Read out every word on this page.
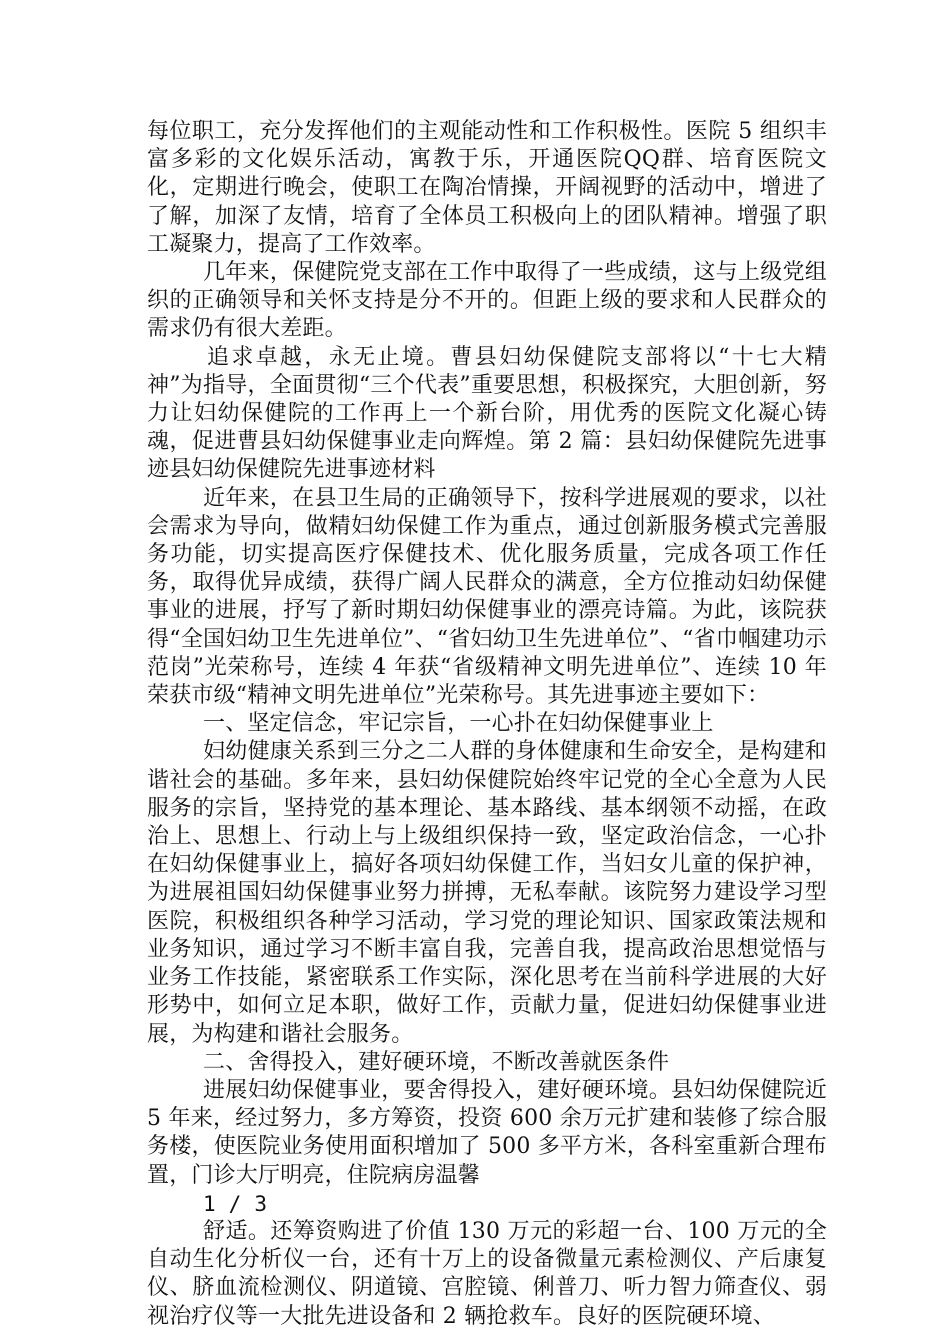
每位职工，充分发挥他们的主观能动性和工作积极性。医院 5 组织丰富多彩的文化娱乐活动，寓教于乐，开通医院QQ群、培育医院文化，定期进行晚会，使职工在陶冶情操，开阔视野的活动中，增进了了解，加深了友情，培育了全体员工积极向上的团队精神。增强了职工凝聚力，提高了工作效率。

几年来，保健院党支部在工作中取得了一些成绩，这与上级党组织的正确领导和关怀支持是分不开的。但距上级的要求和人民群众的需求仍有很大差距。

追求卓越，永无止境。曹县妇幼保健院支部将以“十七大精神”为指导，全面贯彻“三个代表”重要思想，积极探究，大胆创新，努力让妇幼保健院的工作再上一个新台阶，用优秀的医院文化凝心铸魂，促进曹县妇幼保健事业走向辉煌。第 2 篇：县妇幼保健院先进事迹县妇幼保健院先进事迹材料

近年来，在县卫生局的正确领导下，按科学进展观的要求，以社会需求为导向，做精妇幼保健工作为重点，通过创新服务模式完善服务功能，切实提高医疗保健技术、优化服务质量，完成各项工作任务，取得优异成绩，获得广阔人民群众的满意，全方位推动妇幼保健事业的进展，抒写了新时期妇幼保健事业的漂亮诗篇。为此，该院获得“全国妇幼卫生先进单位”、“省妇幼卫生先进单位”、“省巾帼建功示范岗”光荣称号，连续 4 年获“省级精神文明先进单位”、连续 10 年荣获市级“精神文明先进单位”光荣称号。其先进事迹主要如下：

一、坚定信念，牢记宗旨，一心扑在妇幼保健事业上

妇幼健康关系到三分之二人群的身体健康和生命安全，是构建和谐社会的基础。多年来，县妇幼保健院始终牢记党的全心全意为人民服务的宗旨，坚持党的基本理论、基本路线、基本纲领不动摇，在政治上、思想上、行动上与上级组织保持一致，坚定政治信念，一心扑在妇幼保健事业上，搞好各项妇幼保健工作，当妇女儿童的保护神，为进展祖国妇幼保健事业努力拼搏，无私奉献。该院努力建设学习型医院，积极组织各种学习活动，学习党的理论知识、国家政策法规和业务知识，通过学习不断丰富自我，完善自我，提高政治思想觉悟与业务工作技能，紧密联系工作实际，深化思考在当前科学进展的大好形势中，如何立足本职，做好工作，贡献力量，促进妇幼保健事业进展，为构建和谐社会服务。

二、舍得投入，建好硬环境，不断改善就医条件

进展妇幼保健事业，要舍得投入，建好硬环境。县妇幼保健院近 5 年来，经过努力，多方筹资，投资 600 余万元扩建和装修了综合服务楼，使医院业务使用面积增加了 500 多平方米，各科室重新合理布置，门诊大厅明亮，住院病房温馨

1 / 3

舒适。还筹资购进了价值 130 万元的彩超一台、100 万元的全自动生化分析仪一台，还有十万上的设备微量元素检测仪、产后康复仪、脐血流检测仪、阴道镜、宫腔镜、俐普刀、听力智力筛查仪、弱视治疗仪等一大批先进设备和 2 辆抢救车。良好的医院硬环境、
